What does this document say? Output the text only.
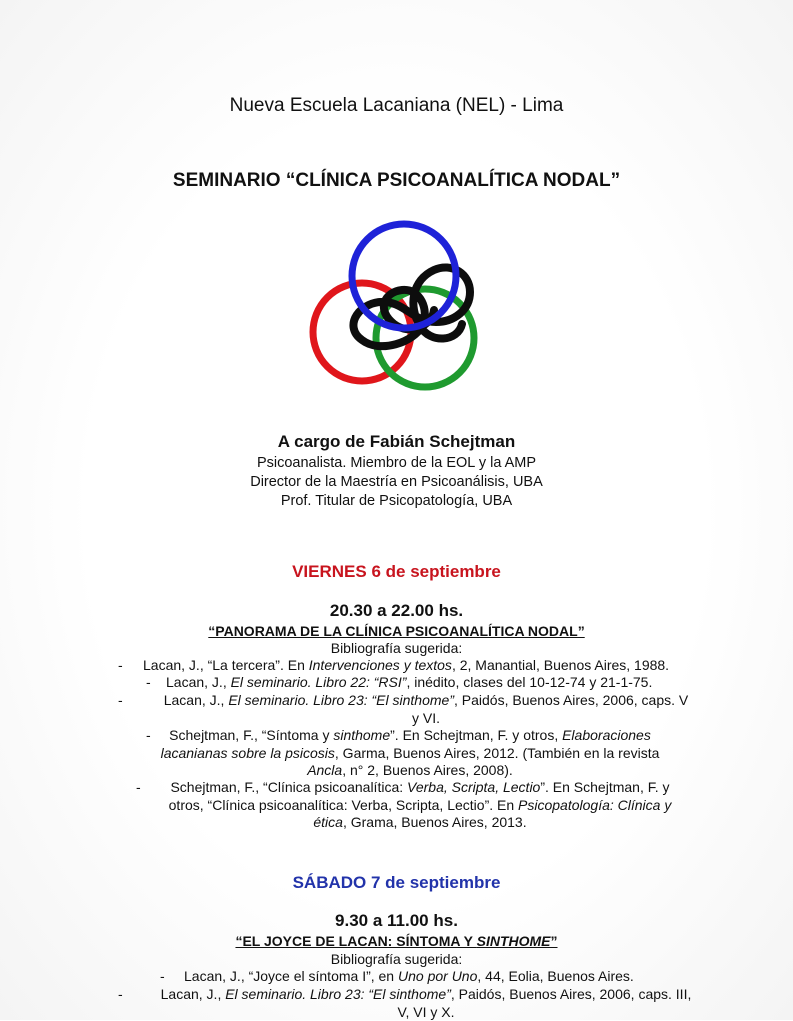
Nueva Escuela Lacaniana (NEL) - Lima
SEMINARIO “CLÍNICA PSICOANALÍTICA NODAL”
A cargo de Fabián Schejtman
Psicoanalista. Miembro de la EOL y la AMP
Director de la Maestría en Psicoanálisis, UBA
Prof. Titular de Psicopatología, UBA
VIERNES 6 de septiembre
20.30 a 22.00 hs.
“PANORAMA DE LA CLÍNICA PSICOANALÍTICA NODAL”
Bibliografía sugerida:
- Lacan, J., “La tercera”. En Intervenciones y textos, 2, Manantial, Buenos Aires, 1988.
- Lacan, J., El seminario. Libro 22: “RSI”, inédito, clases del 10-12-74 y 21-1-75.
-	Lacan, J., El seminario. Libro 23: “El sinthome”, Paidós, Buenos Aires, 2006, caps. V
y VI.
-	Schejtman, F., “Síntoma y sinthome”. En Schejtman, F. y otros, Elaboraciones
lacanianas sobre la psicosis, Garma, Buenos Aires, 2012. (También en la revista
Ancla, n° 2, Buenos Aires, 2008).
-	Schejtman, F., “Clínica psicoanalítica: Verba, Scripta, Lectio”. En Schejtman, F. y
otros, “Clínica psicoanalítica: Verba, Scripta, Lectio”. En Psicopatología: Clínica y
ética, Grama, Buenos Aires, 2013.
SÁBADO 7 de septiembre
9.30 a 11.00 hs.
“EL JOYCE DE LACAN: SÍNTOMA Y SINTHOME”
Bibliografía sugerida:
- Lacan, J., “Joyce el síntoma I”, en Uno por Uno, 44, Eolia, Buenos Aires.
-	Lacan, J., El seminario. Libro 23: “El sinthome”, Paidós, Buenos Aires, 2006, caps. III,
V, VI y X.
